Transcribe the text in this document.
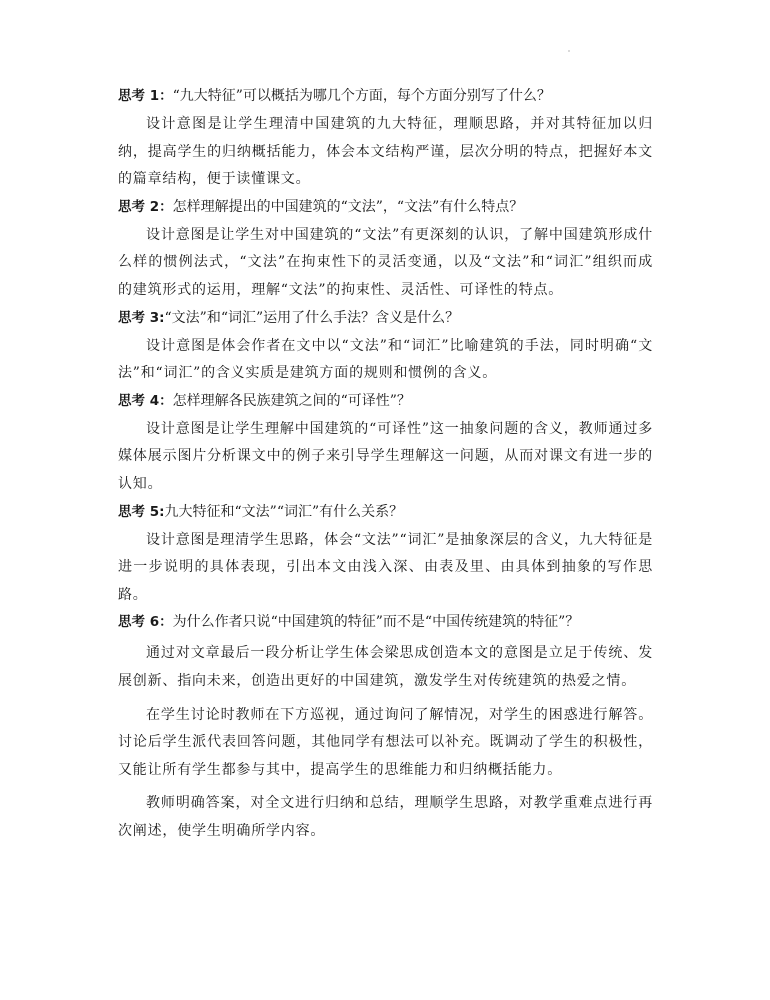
思考 1：“九大特征”可以概括为哪几个方面，每个方面分别写了什么？
设计意图是让学生理清中国建筑的九大特征，理顺思路，并对其特征加以归纳，提高学生的归纳概括能力，体会本文结构严谨，层次分明的特点，把握好本文的篇章结构，便于读懂课文。
思考 2：怎样理解提出的中国建筑的“文法”，“文法”有什么特点？
设计意图是让学生对中国建筑的“文法”有更深刻的认识，了解中国建筑形成什么样的惯例法式，“文法”在拘束性下的灵活变通，以及“文法”和“词汇”组织而成的建筑形式的运用，理解“文法”的拘束性、灵活性、可译性的特点。
思考 3:“文法”和“词汇”运用了什么手法？含义是什么？
设计意图是体会作者在文中以“文法”和“词汇”比喻建筑的手法，同时明确“文法”和“词汇”的含义实质是建筑方面的规则和惯例的含义。
思考 4：怎样理解各民族建筑之间的“可译性”？
设计意图是让学生理解中国建筑的“可译性”这一抽象问题的含义，教师通过多媒体展示图片分析课文中的例子来引导学生理解这一问题，从而对课文有进一步的认知。
思考 5:九大特征和“文法”“词汇”有什么关系？
设计意图是理清学生思路，体会“文法”“词汇”是抽象深层的含义，九大特征是进一步说明的具体表现，引出本文由浅入深、由表及里、由具体到抽象的写作思路。
思考 6：为什么作者只说“中国建筑的特征”而不是“中国传统建筑的特征”？
通过对文章最后一段分析让学生体会梁思成创造本文的意图是立足于传统、发展创新、指向未来，创造出更好的中国建筑，激发学生对传统建筑的热爱之情。
在学生讨论时教师在下方巡视，通过询问了解情况，对学生的困惑进行解答。讨论后学生派代表回答问题，其他同学有想法可以补充。既调动了学生的积极性，又能让所有学生都参与其中，提高学生的思维能力和归纳概括能力。
教师明确答案，对全文进行归纳和总结，理顺学生思路，对教学重难点进行再次阐述，使学生明确所学内容。
